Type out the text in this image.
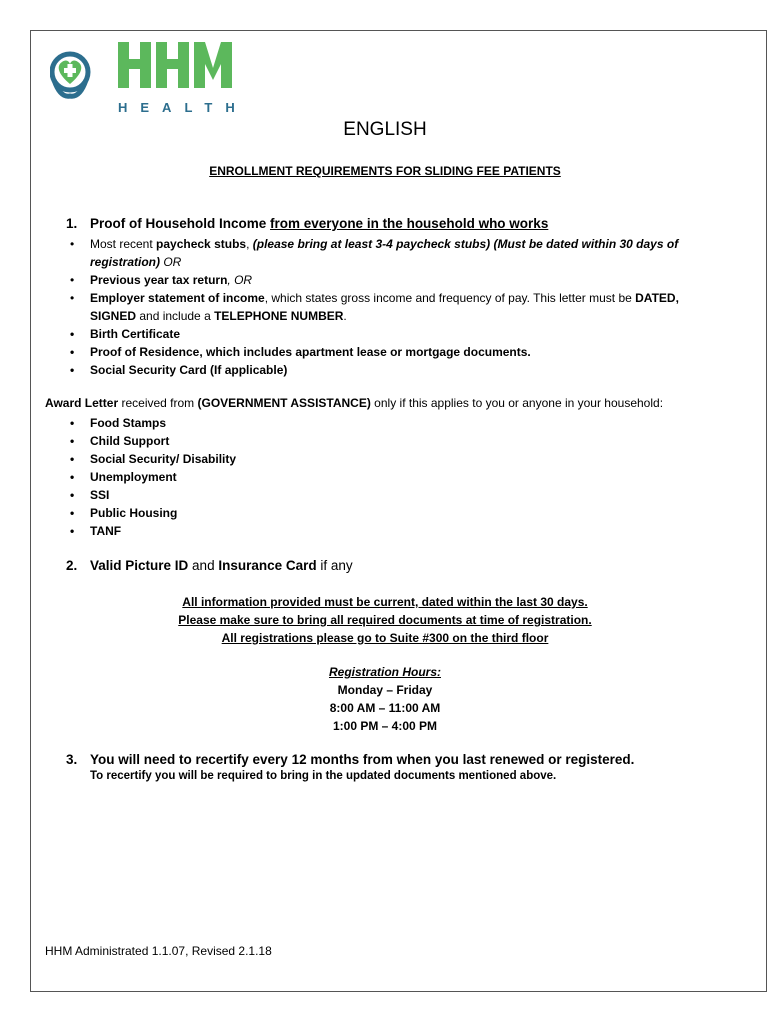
HEALTH
ENGLISH
ENROLLMENT REQUIREMENTS FOR SLIDING FEE PATIENTS
1. Proof of Household Income from everyone in the household who works
• Most recent paycheck stubs, (please bring at least 3-4 paycheck stubs) (Must be dated within 30 days of
registration) OR
• Previous year tax return, OR
• Employer statement of income, which states gross income and frequency of pay. This letter must be DATED,
SIGNED and include a TELEPHONE NUMBER.
• Birth Certificate
• Proof of Residence, which includes apartment lease or mortgage documents.
• Social Security Card (If applicable)
Award Letter received from (GOVERNMENT ASSISTANCE) only if this applies to you or anyone in your household:
• Food Stamps
• Child Support
• Social Security/ Disability
• Unemployment
• SSI
• Public Housing
• TANF
2. Valid Picture ID and Insurance Card if any
All information provided must be current, dated within the last 30 days.
Please make sure to bring all required documents at time of registration.
All registrations please go to Suite #300 on the third floor
Registration Hours:
Monday – Friday
8:00 AM – 11:00 AM
1:00 PM – 4:00 PM
3. You will need to recertify every 12 months from when you last renewed or registered.
To recertify you will be required to bring in the updated documents mentioned above.
HHM Administrated 1.1.07, Revised 2.1.18
